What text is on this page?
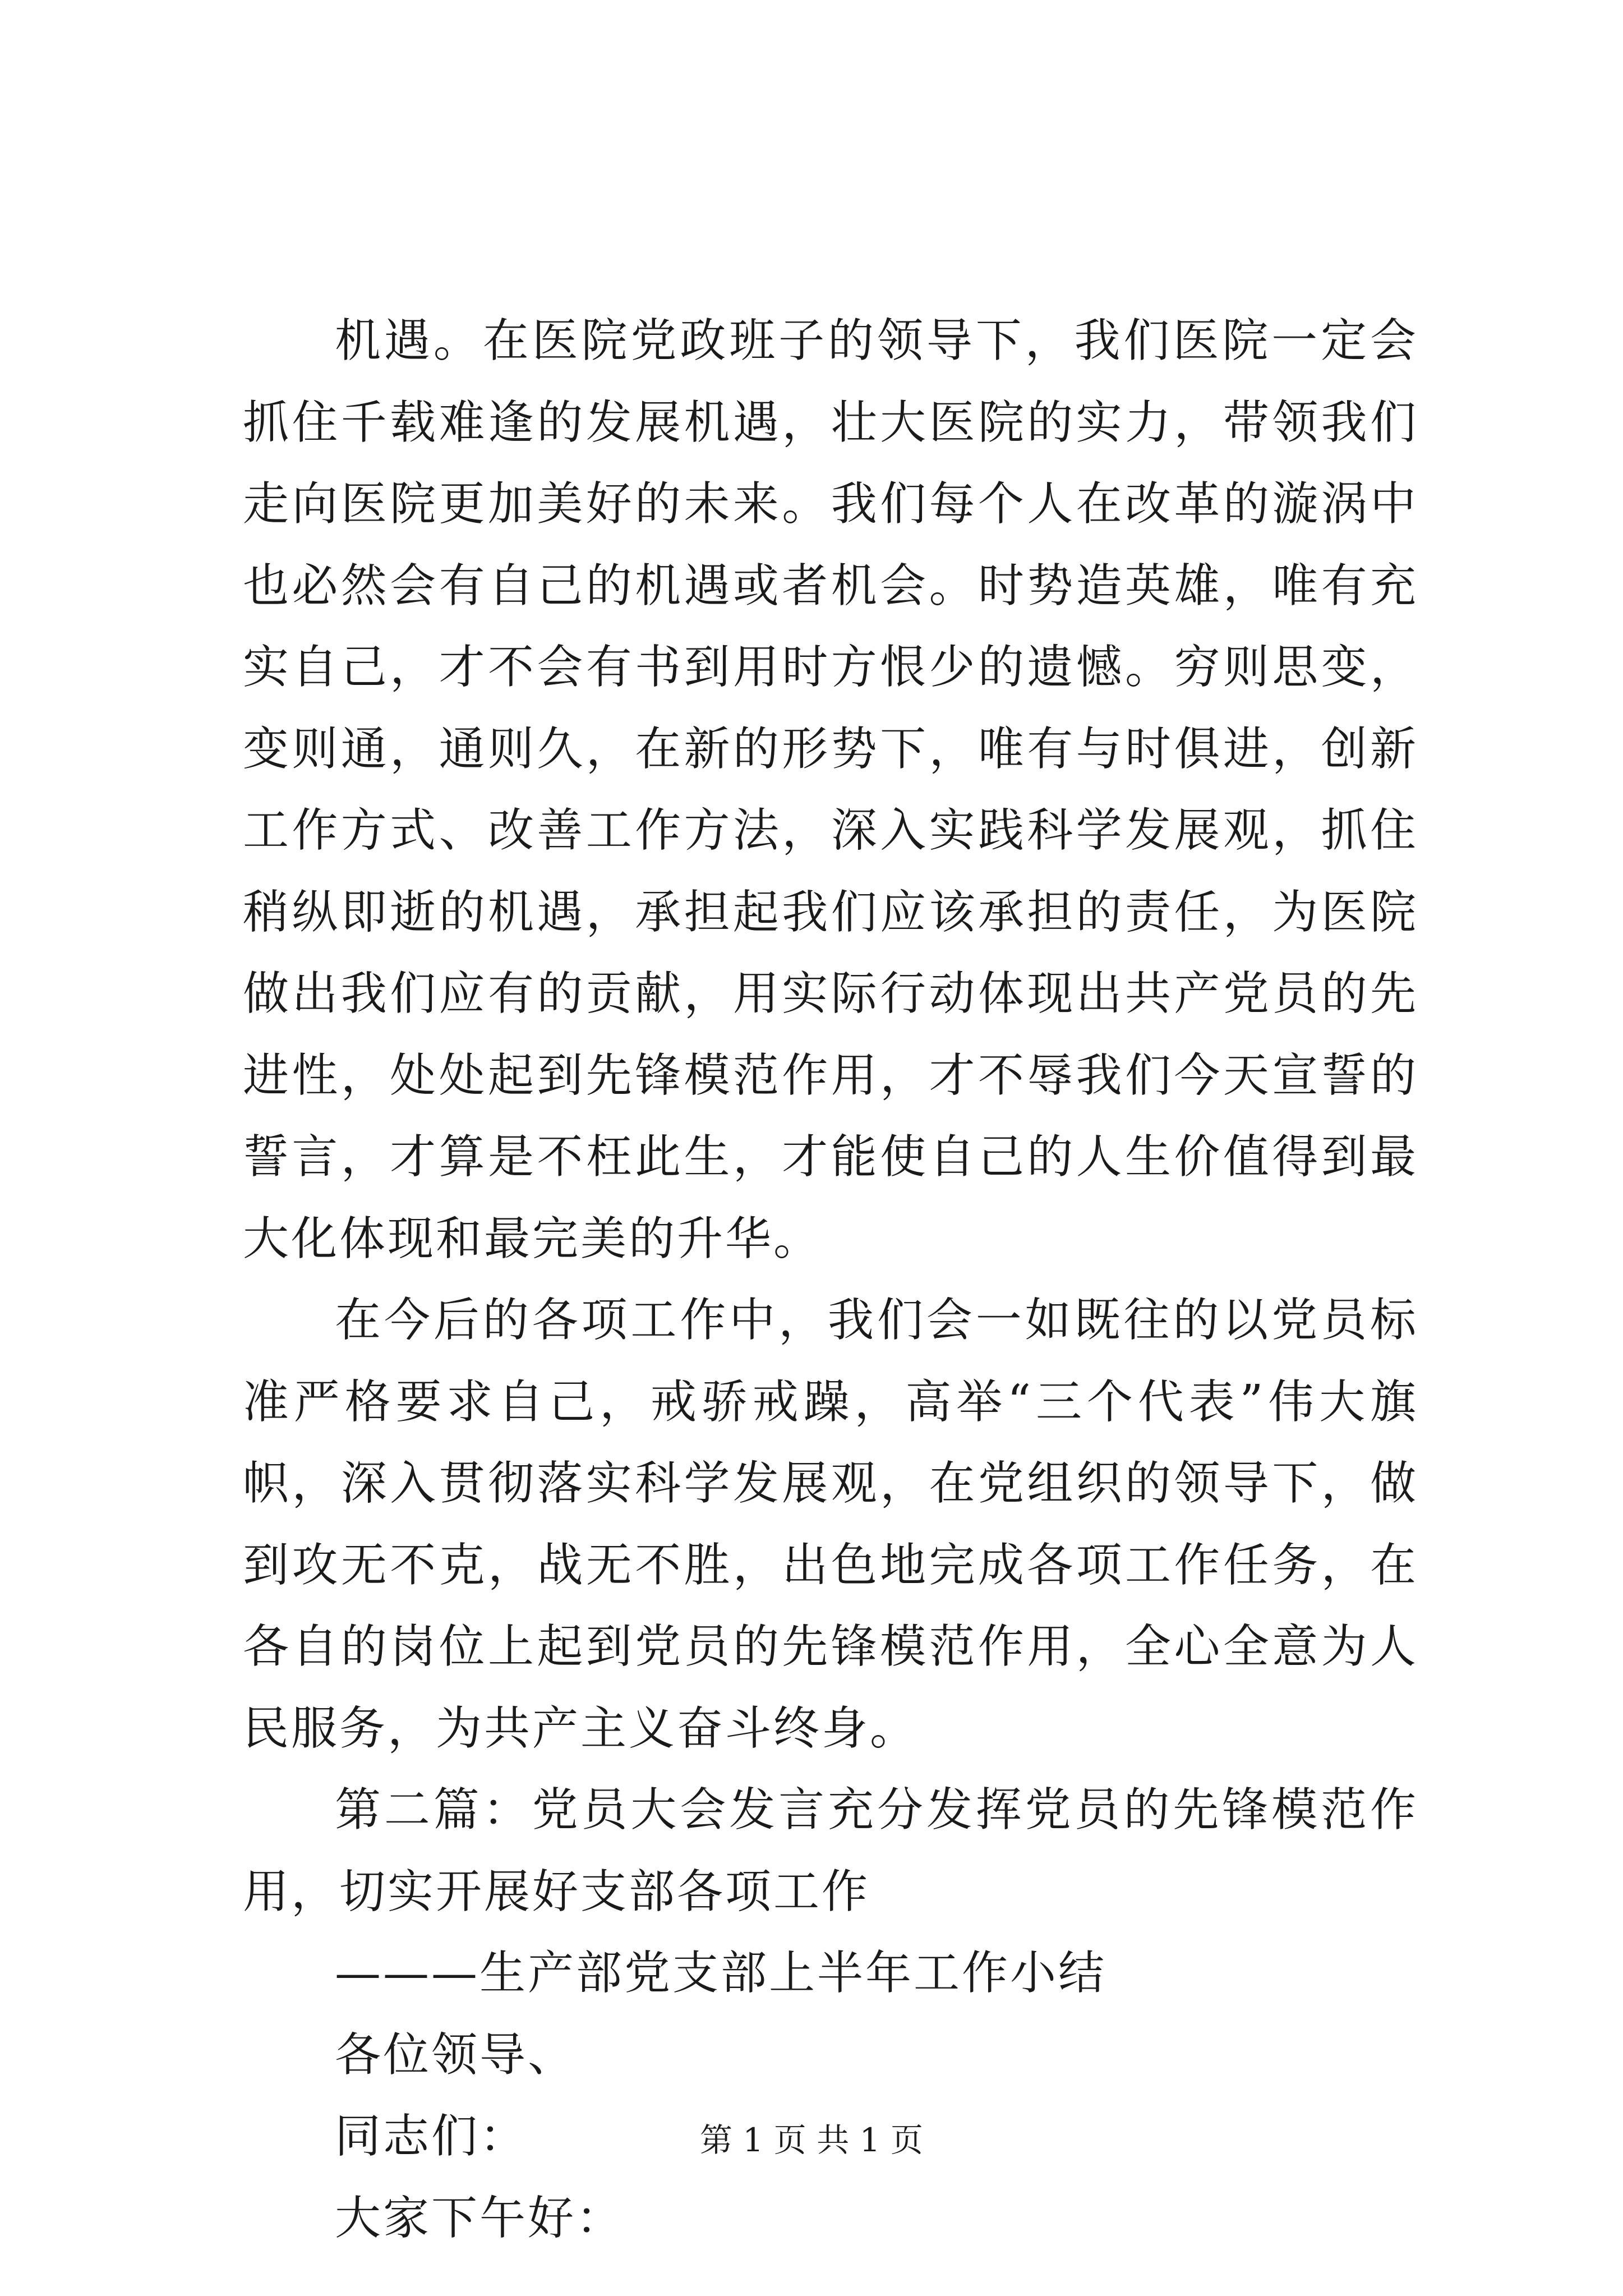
机遇。在医院党政班子的领导下，我们医院一定会抓住千载难逢的发展机遇，壮大医院的实力，带领我们走向医院更加美好的未来。我们每个人在改革的漩涡中也必然会有自己的机遇或者机会。时势造英雄，唯有充实自己，才不会有书到用时方恨少的遗憾。穷则思变，变则通，通则久，在新的形势下，唯有与时俱进，创新工作方式、改善工作方法，深入实践科学发展观，抓住稍纵即逝的机遇，承担起我们应该承担的责任，为医院做出我们应有的贡献，用实际行动体现出共产党员的先进性，处处起到先锋模范作用，才不辱我们今天宣誓的誓言，才算是不枉此生，才能使自己的人生价值得到最大化体现和最完美的升华。

在今后的各项工作中，我们会一如既往的以党员标准严格要求自己，戒骄戒躁，高举“三个代表”伟大旗帜，深入贯彻落实科学发展观，在党组织的领导下，做到攻无不克，战无不胜，出色地完成各项工作任务，在各自的岗位上起到党员的先锋模范作用，全心全意为人民服务，为共产主义奋斗终身。

第二篇：党员大会发言充分发挥党员的先锋模范作用，切实开展好支部各项工作

———生产部党支部上半年工作小结

各位领导、

同志们：

大家下午好：

第 1 页 共 1 页
